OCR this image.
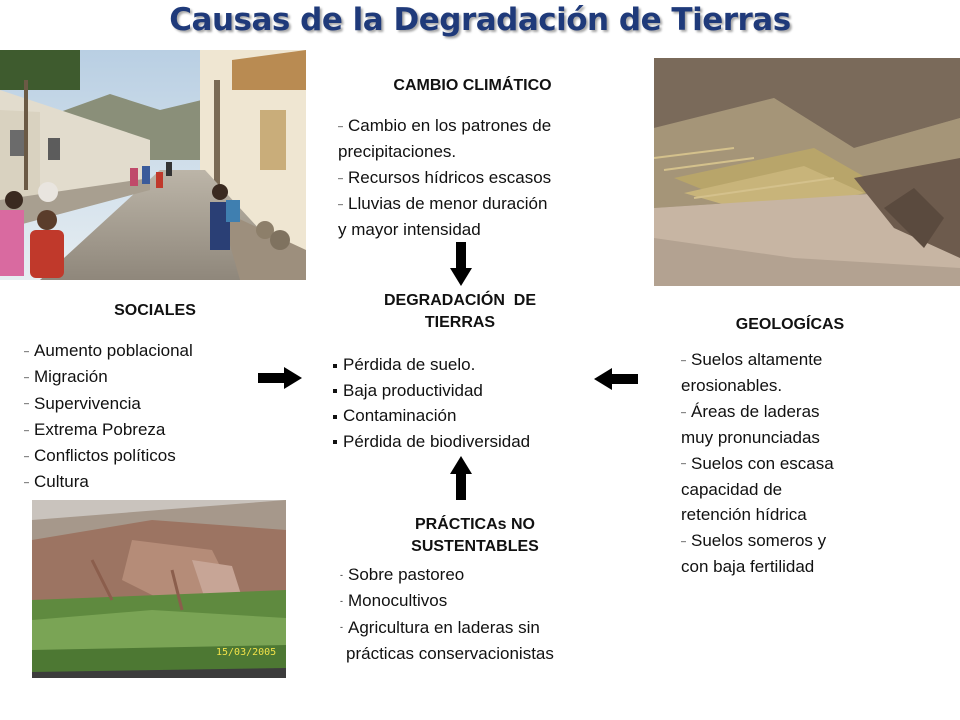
Causas de la Degradación de Tierras
15/03/2005
CAMBIO CLIMÁTICO
– Cambio en los patrones de
precipitaciones.
– Recursos hídricos escasos
– Lluvias de menor duración
y mayor intensidad
DEGRADACIÓN  DE
TIERRAS
Pérdida de suelo.
Baja productividad
Contaminación
Pérdida de biodiversidad
SOCIALES
– Aumento poblacional
– Migración
– Supervivencia
– Extrema Pobreza
– Conflictos políticos
– Cultura
GEOLOGÍCAS
– Suelos altamente
erosionables.
– Áreas de laderas
muy pronunciadas
– Suelos con escasa
capacidad de
retención hídrica
– Suelos someros y
con baja fertilidad
PRÁCTICAs NO
SUSTENTABLES
- Sobre pastoreo
- Monocultivos
- Agricultura en laderas sin
prácticas conservacionistas
